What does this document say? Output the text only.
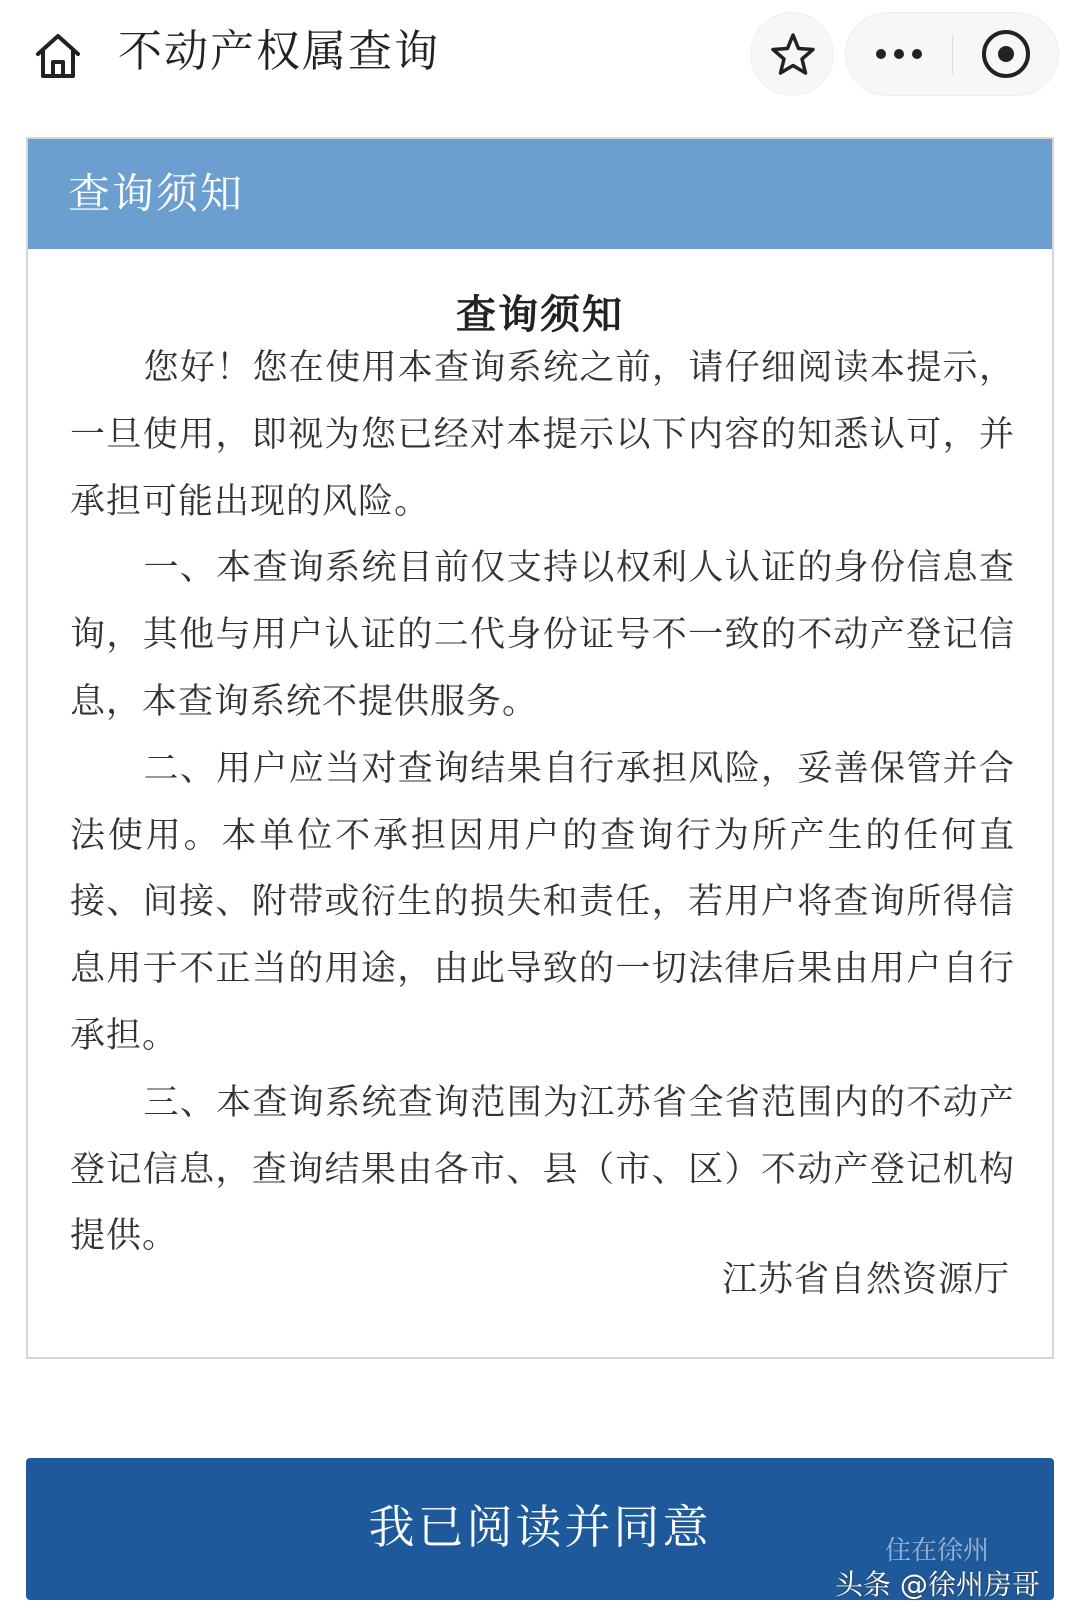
不动产权属查询
查询须知
查询须知

您好！您在使用本查询系统之前，请仔细阅读本提示，一旦使用，即视为您已经对本提示以下内容的知悉认可，并承担可能出现的风险。

一、本查询系统目前仅支持以权利人认证的身份信息查询，其他与用户认证的二代身份证号不一致的不动产登记信息，本查询系统不提供服务。

二、用户应当对查询结果自行承担风险，妥善保管并合法使用。本单位不承担因用户的查询行为所产生的任何直接、间接、附带或衍生的损失和责任，若用户将查询所得信息用于不正当的用途，由此导致的一切法律后果由用户自行承担。

三、本查询系统查询范围为江苏省全省范围内的不动产登记信息，查询结果由各市、县（市、区）不动产登记机构提供。

江苏省自然资源厅
我已阅读并同意	住在徐州
头条 @徐州房哥
